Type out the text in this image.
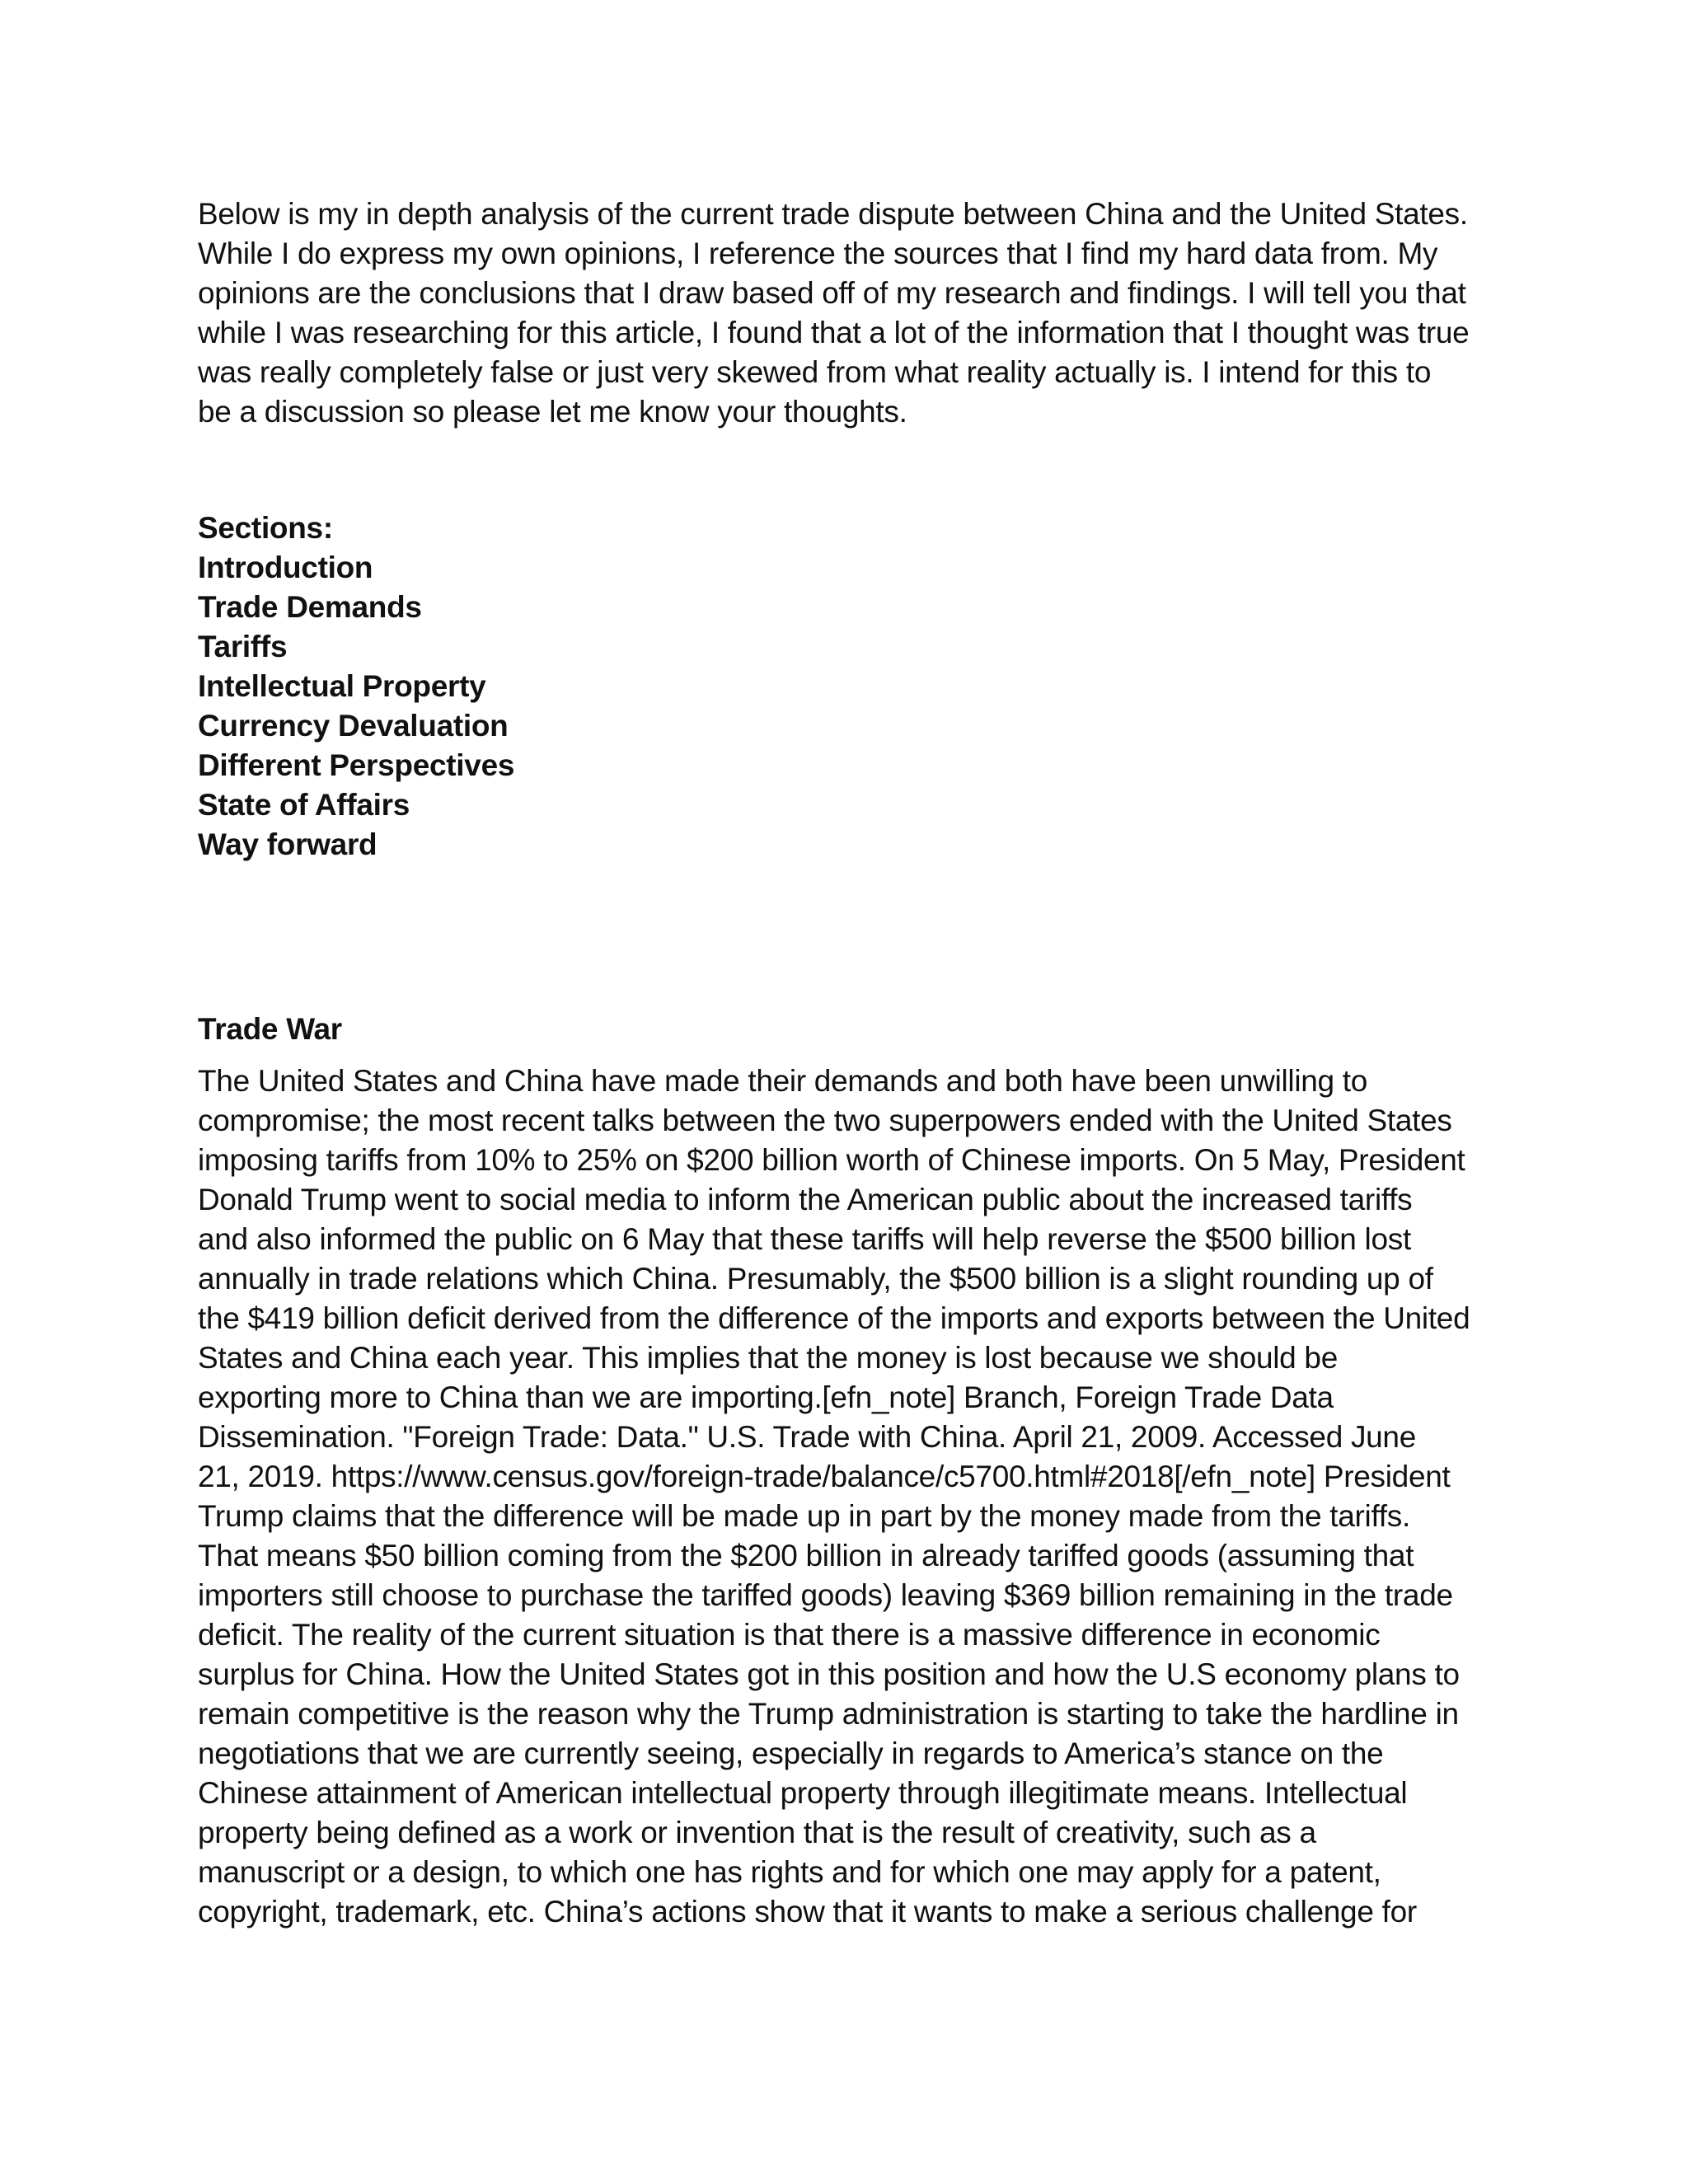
Below is my in depth analysis of the current trade dispute between China and the United States.
While I do express my own opinions, I reference the sources that I find my hard data from. My
opinions are the conclusions that I draw based off of my research and findings. I will tell you that
while I was researching for this article, I found that a lot of the information that I thought was true
was really completely false or just very skewed from what reality actually is. I intend for this to
be a discussion so please let me know your thoughts.
Sections:
Introduction
Trade Demands
Tariffs
Intellectual Property
Currency Devaluation
Different Perspectives
State of Affairs
Way forward
Trade War
The United States and China have made their demands and both have been unwilling to
compromise; the most recent talks between the two superpowers ended with the United States
imposing tariffs from 10% to 25% on $200 billion worth of Chinese imports. On 5 May, President
Donald Trump went to social media to inform the American public about the increased tariffs
and also informed the public on 6 May that these tariffs will help reverse the $500 billion lost
annually in trade relations which China. Presumably, the $500 billion is a slight rounding up of
the $419 billion deficit derived from the difference of the imports and exports between the United
States and China each year. This implies that the money is lost because we should be
exporting more to China than we are importing.[efn_note] Branch, Foreign Trade Data
Dissemination. "Foreign Trade: Data." U.S. Trade with China. April 21, 2009. Accessed June
21, 2019. https://www.census.gov/foreign-trade/balance/c5700.html#2018[/efn_note] President
Trump claims that the difference will be made up in part by the money made from the tariffs.
That means $50 billion coming from the $200 billion in already tariffed goods (assuming that
importers still choose to purchase the tariffed goods) leaving $369 billion remaining in the trade
deficit. The reality of the current situation is that there is a massive difference in economic
surplus for China. How the United States got in this position and how the U.S economy plans to
remain competitive is the reason why the Trump administration is starting to take the hardline in
negotiations that we are currently seeing, especially in regards to America’s stance on the
Chinese attainment of American intellectual property through illegitimate means. Intellectual
property being defined as a work or invention that is the result of creativity, such as a
manuscript or a design, to which one has rights and for which one may apply for a patent,
copyright, trademark, etc. China’s actions show that it wants to make a serious challenge for
